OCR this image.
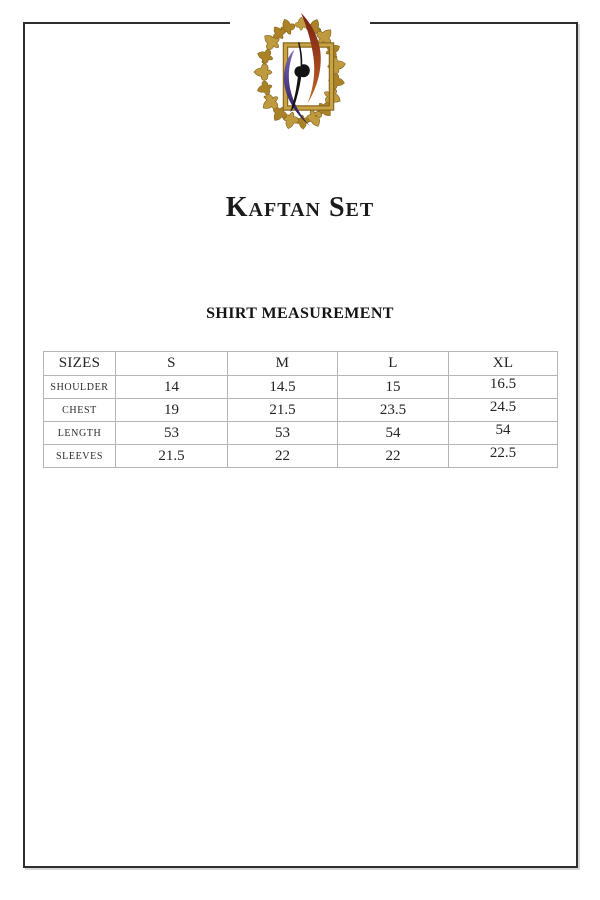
Kaftan Set
SHIRT MEASUREMENT
SIZES	S	M	L	XL
SHOULDER	14	14.5	15	16.5
CHEST	19	21.5	23.5	24.5
LENGTH	53	53	54	54
SLEEVES	21.5	22	22	22.5
